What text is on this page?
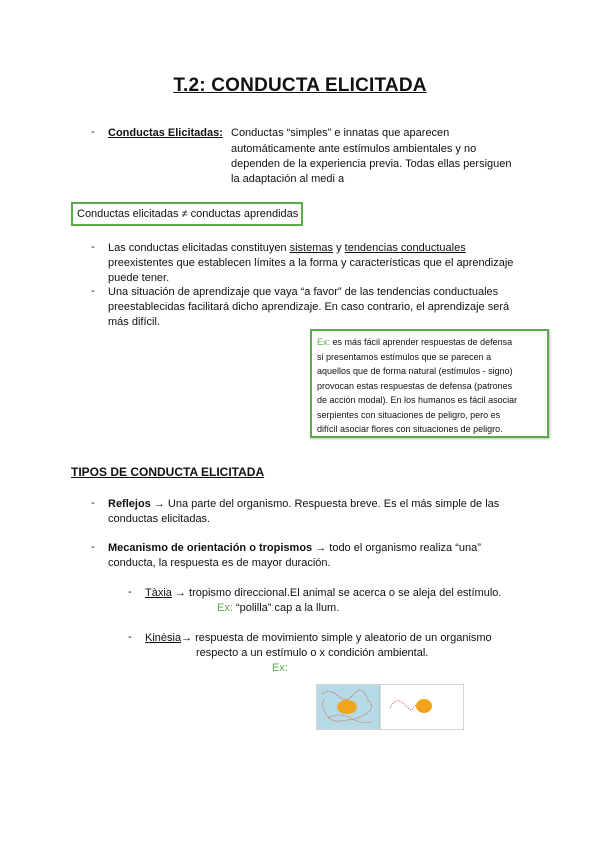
T.2: CONDUCTA ELICITADA
- Conductas Elicitadas: Conductas “simples” e innatas que aparecen
automáticamente ante estímulos ambientales y no
dependen de la experiencia previa. Todas ellas persiguen
la adaptación al medi a
Conductas elicitadas ≠ conductas aprendidas
- Las conductas elicitadas constituyen sistemas y tendencias conductuales
preexistentes que establecen límites a la forma y características que el aprendizaje
puede tener.
- Una situación de aprendizaje que vaya “a favor” de las tendencias conductuales
preestablecidas facilitará dicho aprendizaje. En caso contrario, el aprendizaje será
más difícil.
Ex: es más fácil aprender respuestas de defensa
si presentamos estímulos que se parecen a
aquellos que de forma natural (estímulos - signo)
provocan estas respuestas de defensa (patrones
de acción modal). En los humanos es fácil asociar
serpientes con situaciones de peligro, pero es
difícil asociar flores con situaciones de peligro.
TIPOS DE CONDUCTA ELICITADA
- Reflejos → Una parte del organismo. Respuesta breve. Es el más simple de las
conductas elicitadas.
- Mecanismo de orientación o tropismos → todo el organismo realiza “una”
conducta, la respuesta es de mayor duración.
- Tàxia → tropismo direccional.El animal se acerca o se aleja del estímulo.
Ex: “polilla” cap a la llum.
- Kinèsia→ respuesta de movimiento simple y aleatorio de un organismo
respecto a un estímulo o x condición ambiental.
Ex:
~
